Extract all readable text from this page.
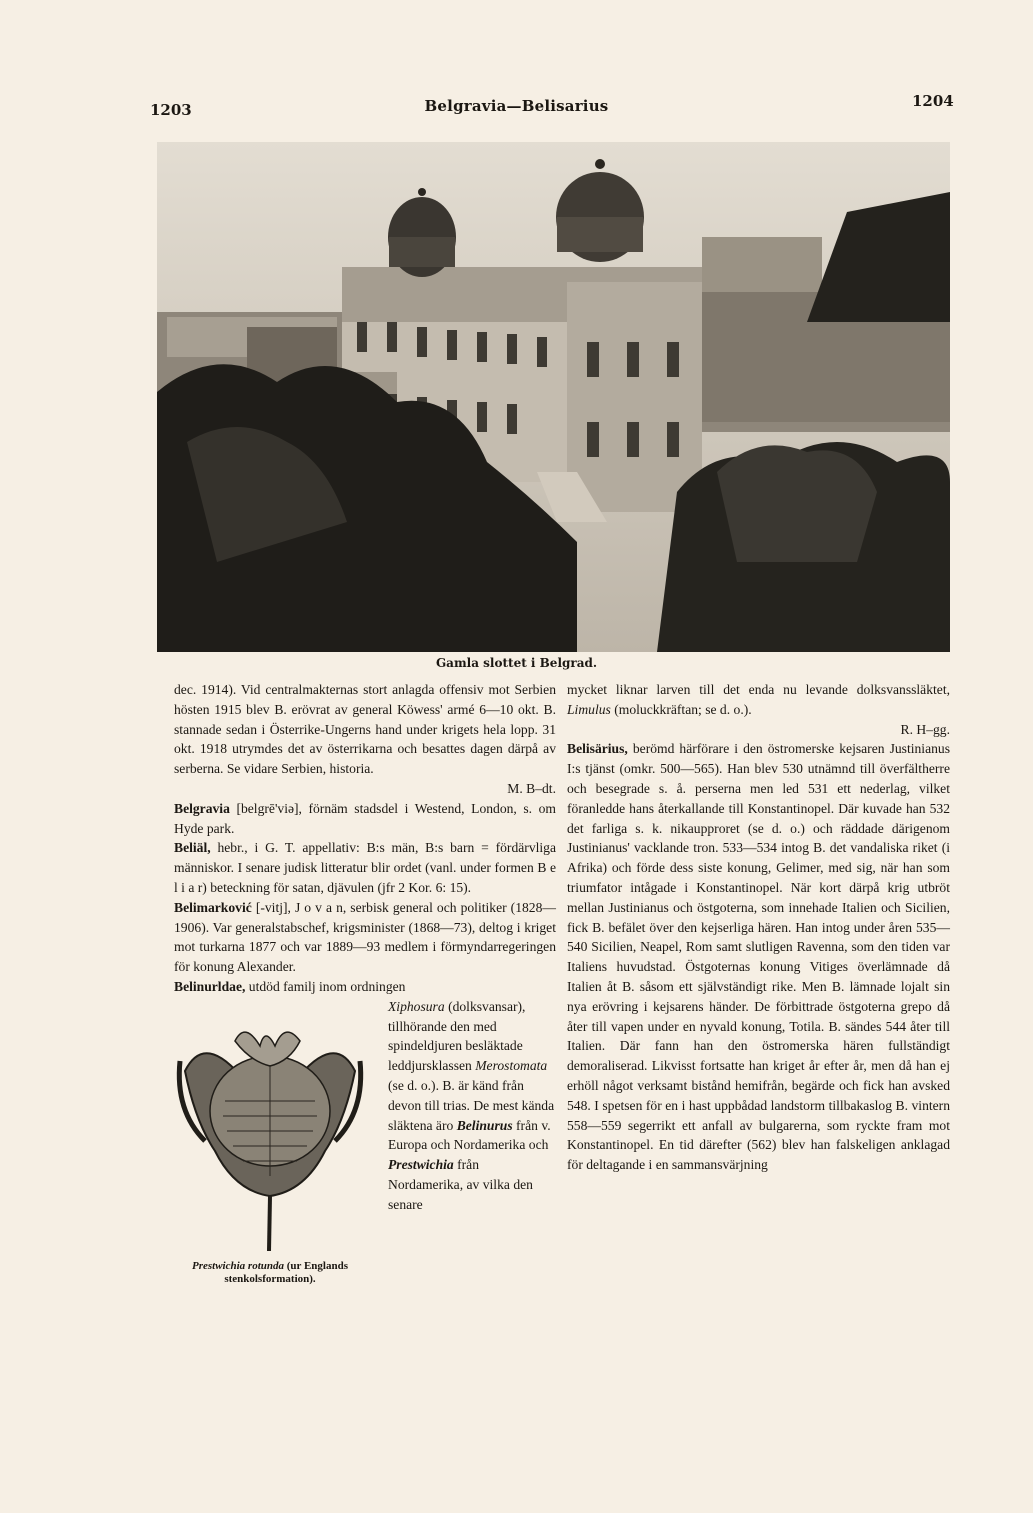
1203	Belgravia—Belisarius	1204
Gamla slottet i Belgrad.

dec. 1914). Vid centralmakternas stort anlagda offensiv mot Serbien hösten 1915 blev B. erövrat av general Köwess' armé 6—10 okt. B. stannade sedan i Österrike-Ungerns hand under krigets hela lopp. 31 okt. 1918 utrymdes det av österrikarna och besattes dagen därpå av serberna. Se vidare Serbien, historia.

M. B–dt.

Belgravia [belgrē'viə], förnäm stadsdel i Westend, London, s. om Hyde park.

Beliäl, hebr., i G. T. appellativ: B:s män, B:s barn = fördärvliga människor. I senare judisk litteratur blir ordet (vanl. under formen B e l i a r) beteckning för satan, djävulen (jfr 2 Kor. 6: 15).

Belimarković [-vitj], J o v a n, serbisk general och politiker (1828—1906). Var generalstabschef, krigsminister (1868—73), deltog i kriget mot turkarna 1877 och var 1889—93 medlem i förmyndarregeringen för konung Alexander.

Belinurldae, utdöd familj inom ordningen

Prestwichia rotunda (ur Englands stenkolsformation).

Xiphosura (dolksvansar), tillhörande den med spindeldjuren besläktade leddjursklassen Merostomata (se d. o.). B. är känd från devon till trias. De mest kända släktena äro Belinurus från v. Europa och Nordamerika och Prestwichia från Nordamerika, av vilka den senare

mycket liknar larven till det enda nu levande dolksvanssläktet, Limulus (moluckkräftan; se d. o.).

R. H–gg.

Belisärius, berömd härförare i den östromerske kejsaren Justinianus I:s tjänst (omkr. 500—565). Han blev 530 utnämnd till överfältherre och besegrade s. å. perserna men led 531 ett nederlag, vilket föranledde hans återkallande till Konstantinopel. Där kuvade han 532 det farliga s. k. nikaupproret (se d. o.) och räddade därigenom Justinianus' vacklande tron. 533—534 intog B. det vandaliska riket (i Afrika) och förde dess siste konung, Gelimer, med sig, när han som triumfator intågade i Konstantinopel. När kort därpå krig utbröt mellan Justinianus och östgoterna, som innehade Italien och Sicilien, fick B. befälet över den kejserliga hären. Han intog under åren 535—540 Sicilien, Neapel, Rom samt slutligen Ravenna, som den tiden var Italiens huvudstad. Östgoternas konung Vitiges överlämnade då Italien åt B. såsom ett självständigt rike. Men B. lämnade lojalt sin nya erövring i kejsarens händer. De förbittrade östgoterna grepo då åter till vapen under en nyvald konung, Totila. B. sändes 544 åter till Italien. Där fann han den östromerska hären fullständigt demoraliserad. Likvisst fortsatte han kriget år efter år, men då han ej erhöll något verksamt bistånd hemifrån, begärde och fick han avsked 548. I spetsen för en i hast uppbådad landstorm tillbakaslog B. vintern 558—559 segerrikt ett anfall av bulgarerna, som ryckte fram mot Konstantinopel. En tid därefter (562) blev han falskeligen anklagad för deltagande i en sammansvärjning
